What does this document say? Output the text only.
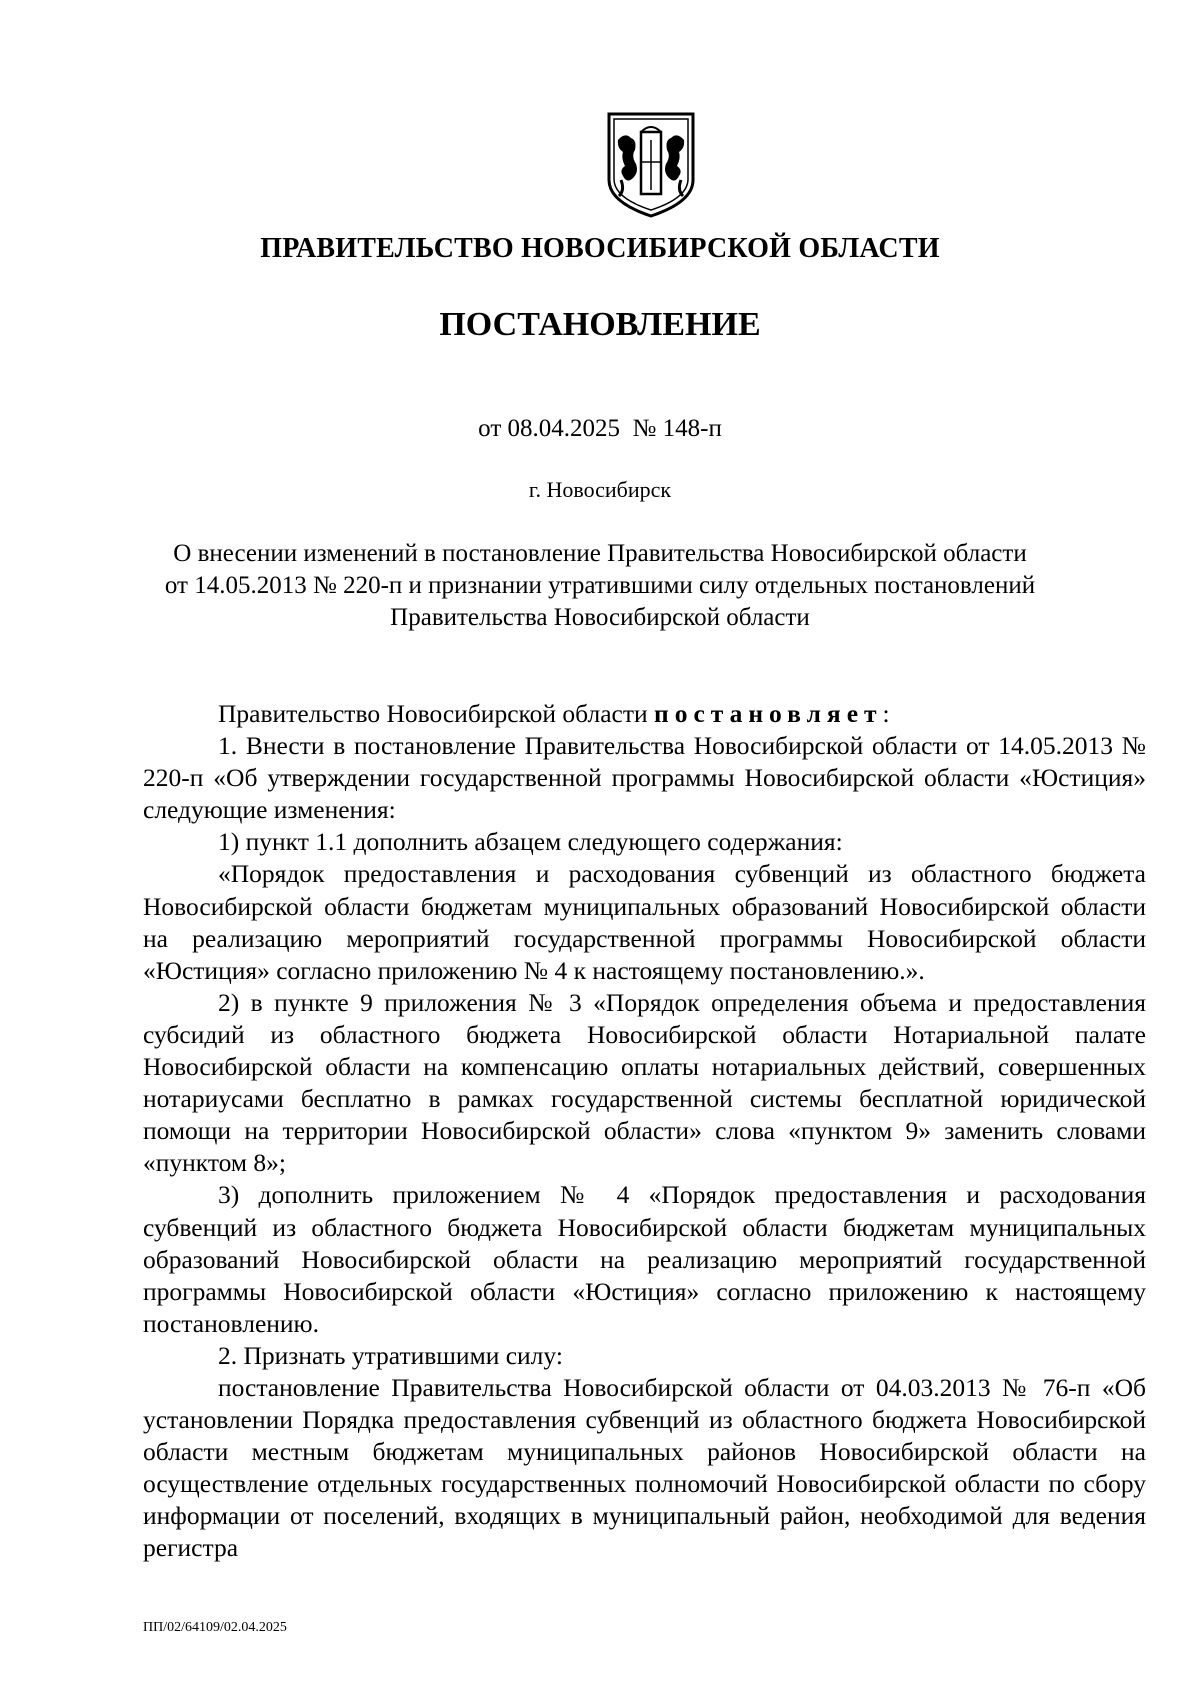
ПРАВИТЕЛЬСТВО НОВОСИБИРСКОЙ ОБЛАСТИ
ПОСТАНОВЛЕНИЕ
от 08.04.2025  № 148-п
г. Новосибирск
О внесении изменений в постановление Правительства Новосибирской области
от 14.05.2013 № 220-п и признании утратившими силу отдельных постановлений
Правительства Новосибирской области

Правительство Новосибирской области постановляет:

1. Внести в постановление Правительства Новосибирской области от 14.05.2013 № 220-п «Об утверждении государственной программы Новосибирской области «Юстиция» следующие изменения:

1) пункт 1.1 дополнить абзацем следующего содержания:

«Порядок предоставления и расходования субвенций из областного бюджета Новосибирской области бюджетам муниципальных образований Новосибирской области на реализацию мероприятий государственной программы Новосибирской области «Юстиция» согласно приложению № 4 к настоящему постановлению.».

2) в пункте 9 приложения № 3 «Порядок определения объема и предоставления субсидий из областного бюджета Новосибирской области Нотариальной палате Новосибирской области на компенсацию оплаты нотариальных действий, совершенных нотариусами бесплатно в рамках государственной системы бесплатной юридической помощи на территории Новосибирской области» слова «пунктом 9» заменить словами «пунктом 8»;

3) дополнить приложением № 4 «Порядок предоставления и расходования субвенций из областного бюджета Новосибирской области бюджетам муниципальных образований Новосибирской области на реализацию мероприятий государственной программы Новосибирской области «Юстиция» согласно приложению к настоящему постановлению.

2. Признать утратившими силу:

постановление Правительства Новосибирской области от 04.03.2013 № 76-п «Об установлении Порядка предоставления субвенций из областного бюджета Новосибирской области местным бюджетам муниципальных районов Новосибирской области на осуществление отдельных государственных полномочий Новосибирской области по сбору информации от поселений, входящих в муниципальный район, необходимой для ведения регистра

ПП/02/64109/02.04.2025
